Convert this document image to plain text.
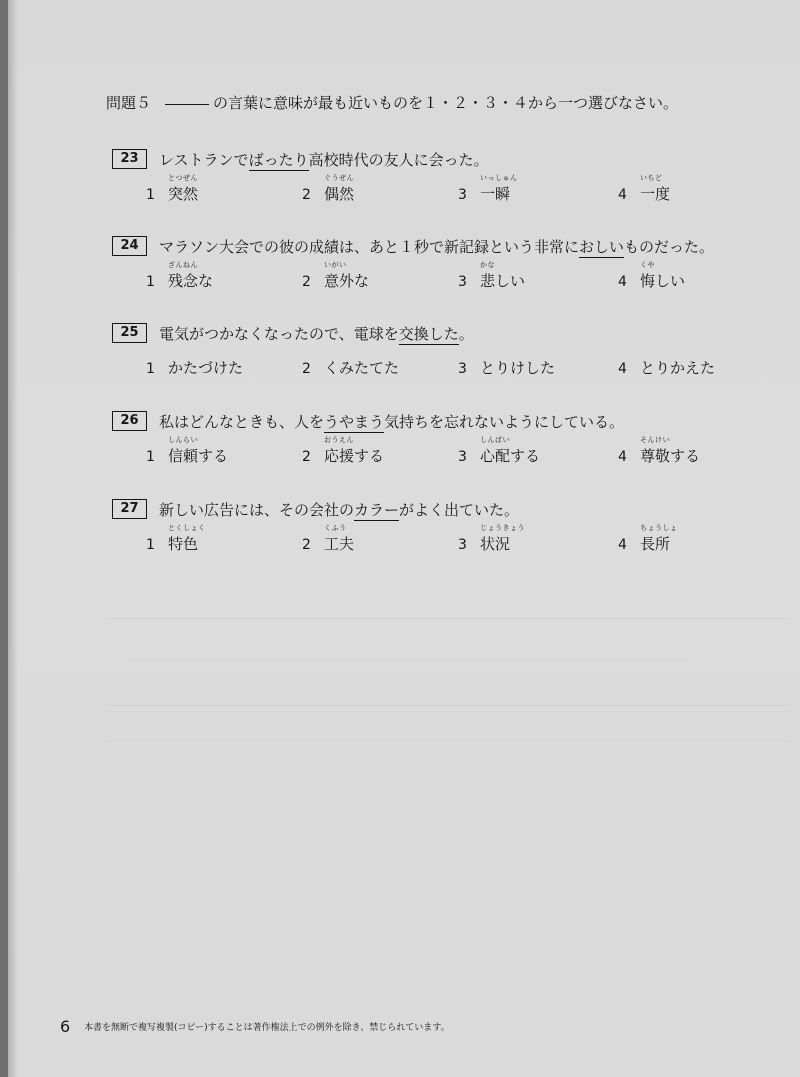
問題５	の言葉に意味が最も近いものを１・２・３・４から一つ選びなさい。
23	レストランでばったり高校時代の友人に会った。
1
とつぜん
突然	2
ぐうぜん
偶然	3
いっしゅん
一瞬	4
いちど
一度
24	マラソン大会での彼の成績は、あと１秒で新記録という非常におしいものだった。
1
ざんねん
残念な	2
いがい
意外な	3
かな
悲しい	4
くや
悔しい
25	電気がつかなくなったので、電球を交換した。
1 かたづけた	2 くみたてた	3 とりけした	4 とりかえた
26	私はどんなときも、人をうやまう気持ちを忘れないようにしている。
1
しんらい
信頼する	2
おうえん
応援する	3
しんぱい
心配する	4
そんけい
尊敬する
27	新しい広告には、その会社のカラーがよく出ていた。
1
とくしょく
特色	2
くふう
工夫	3
じょうきょう
状況	4
ちょうしょ
長所
6 本書を無断で複写複製(コピー)することは著作権法上での例外を除き、禁じられています。
